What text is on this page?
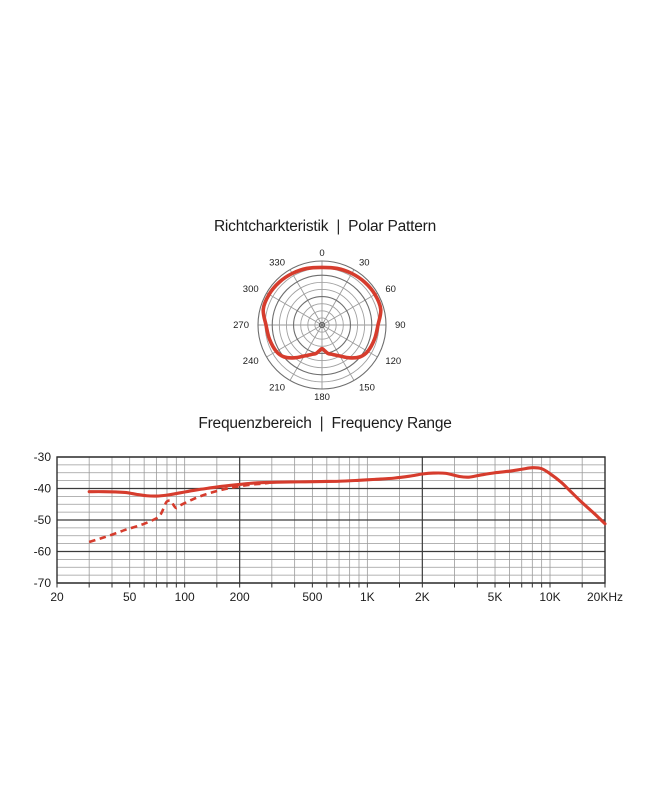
Richtcharkteristik | Polar Pattern
0
30
60
90
120
150
180
210
240
270
300
330
Frequenzbereich | Frequency Range
-30
-40
-50
-60
-70
20	50	100	200	500	1K	2K	5K	10K 20KHz
